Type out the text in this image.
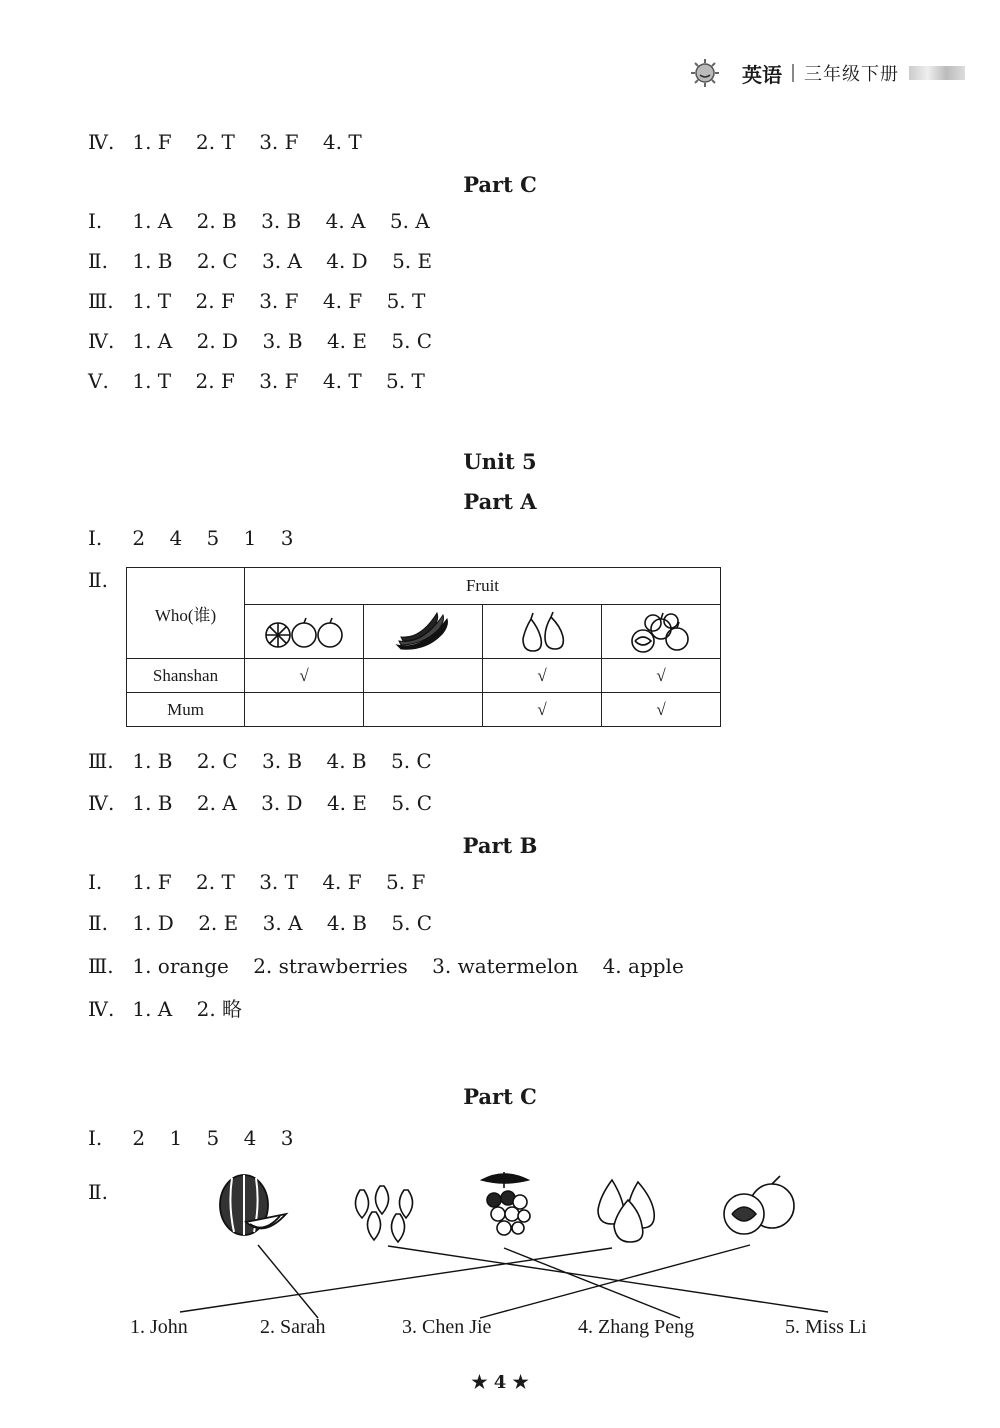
英语 三年级下册
Ⅳ. 1. F 2. T 3. F 4. T
Part C
Ⅰ. 1. A 2. B 3. B 4. A 5. A
Ⅱ. 1. B 2. C 3. A 4. D 5. E
Ⅲ. 1. T 2. F 3. F 4. F 5. T
Ⅳ. 1. A 2. D 3. B 4. E 5. C
Ⅴ. 1. T 2. F 3. F 4. T 5. T
Unit 5
Part A
Ⅰ. 2 4 5 1 3
Ⅱ.
Who(谁)	Fruit			

Shanshan	√		√	√
Mum			√	√
Ⅲ. 1. B 2. C 3. B 4. B 5. C
Ⅳ. 1. B 2. A 3. D 4. E 5. C
Part B
Ⅰ. 1. F 2. T 3. T 4. F 5. F
Ⅱ. 1. D 2. E 3. A 4. B 5. C
Ⅲ. 1. orange 2. strawberries 3. watermelon 4. apple
Ⅳ. 1. A 2. 略
Part C
Ⅰ. 2 1 5 4 3
Ⅱ.
1. John	2. Sarah	3. Chen Jie	4. Zhang Peng	5. Miss Li
★ 4 ★
